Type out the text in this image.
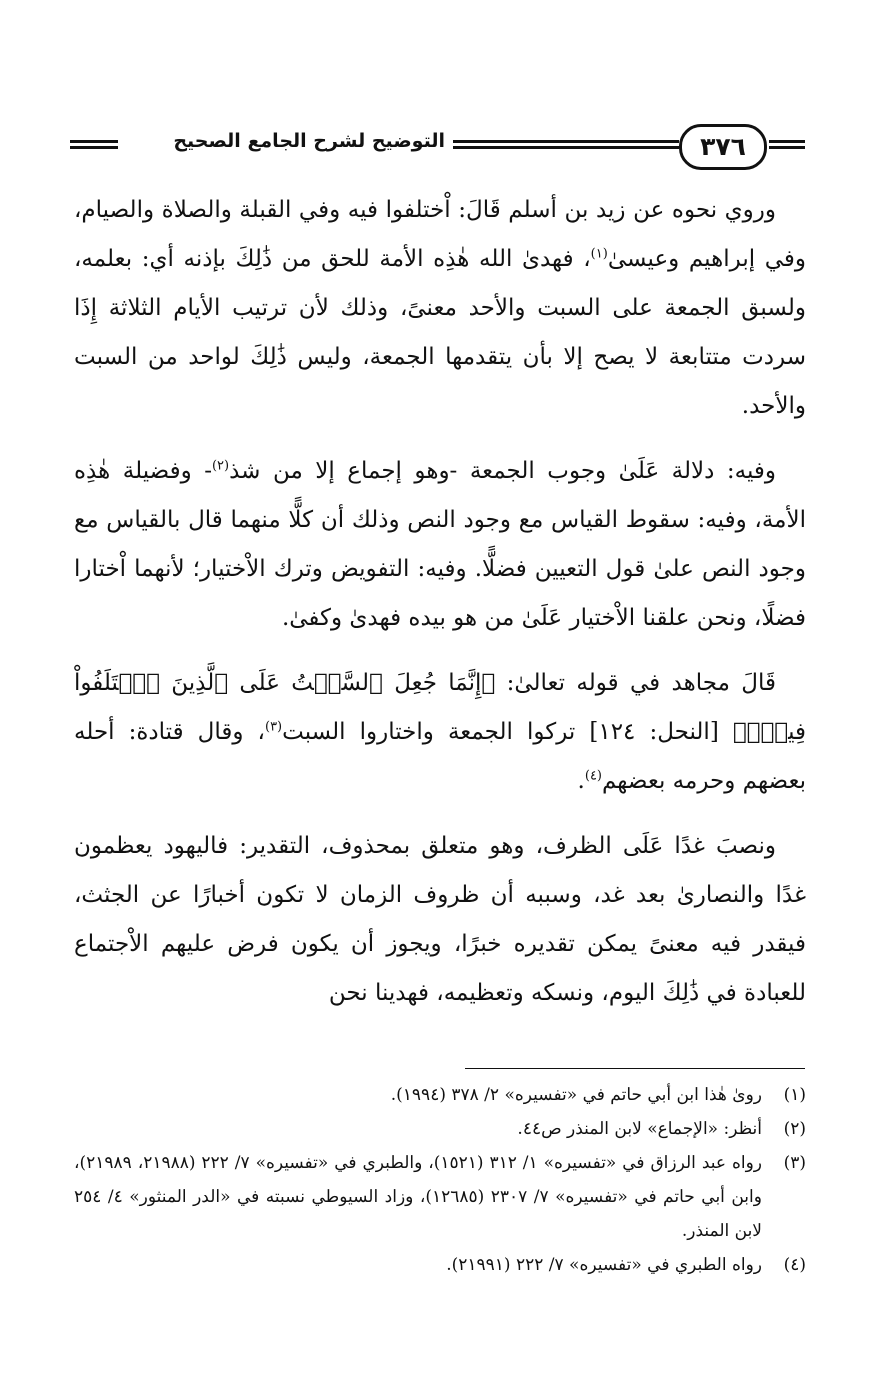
٣٧٦
التوضيح لشرح الجامع الصحيح

وروي نحوه عن زيد بن أسلم قَالَ: اْختلفوا فيه وفي القبلة والصلاة والصيام، وفي إبراهيم وعيسىٰ$^{(١)}$، فهدىٰ الله هٰذِه الأمة للحق من ذَٰلِكَ بإذنه أي: بعلمه، ولسبق الجمعة على السبت والأحد معنىً، وذلك لأن ترتيب الأيام الثلاثة إِذَا سردت متتابعة لا يصح إلا بأن يتقدمها الجمعة، وليس ذَٰلِكَ لواحد من السبت والأحد.

وفيه: دلالة عَلَىٰ وجوب الجمعة -وهو إجماع إلا من شذ$^{(٢)}$- وفضيلة هٰذِه الأمة، وفيه: سقوط القياس مع وجود النص وذلك أن كلًّا منهما قال بالقياس مع وجود النص علىٰ قول التعيين فضلًّا. وفيه: التفويض وترك الاْختيار؛ لأنهما اْختارا فضلًا، ونحن علقنا الاْختيار عَلَىٰ من هو بيده فهدىٰ وكفىٰ.

قَالَ مجاهد في قوله تعالىٰ: ﴿إِنَّمَا جُعِلَ ٱلسَّبۡتُ عَلَى ٱلَّذِينَ ٱخۡتَلَفُواْ فِيهِۚ﴾ [النحل: ١٢٤] تركوا الجمعة واختاروا السبت$^{(٣)}$، وقال قتادة: أحله بعضهم وحرمه بعضهم$^{(٤)}$.

ونصبَ غدًا عَلَى الظرف، وهو متعلق بمحذوف، التقدير: فاليهود يعظمون غدًا والنصارىٰ بعد غد، وسببه أن ظروف الزمان لا تكون أخبارًا عن الجثث، فيقدر فيه معنىً يمكن تقديره خبرًا، ويجوز أن يكون فرض عليهم الاْجتماع للعبادة في ذَٰلِكَ اليوم، ونسكه وتعظيمه، فهدينا نحن

(١)
روىٰ هٰذا ابن أبي حاتم في «تفسيره» ٢/ ٣٧٨ (١٩٩٤).
(٢)
أنظر: «الإجماع» لابن المنذر ص٤٤.
(٣)
رواه عبد الرزاق في «تفسيره» ١/ ٣١٢ (١٥٢١)، والطبري في «تفسيره» ٧/ ٢٢٢ (٢١٩٨٨، ٢١٩٨٩)، وابن أبي حاتم في «تفسيره» ٧/ ٢٣٠٧ (١٢٦٨٥)، وزاد السيوطي نسبته في «الدر المنثور» ٤/ ٢٥٤ لابن المنذر.
(٤)
رواه الطبري في «تفسيره» ٧/ ٢٢٢ (٢١٩٩١).
